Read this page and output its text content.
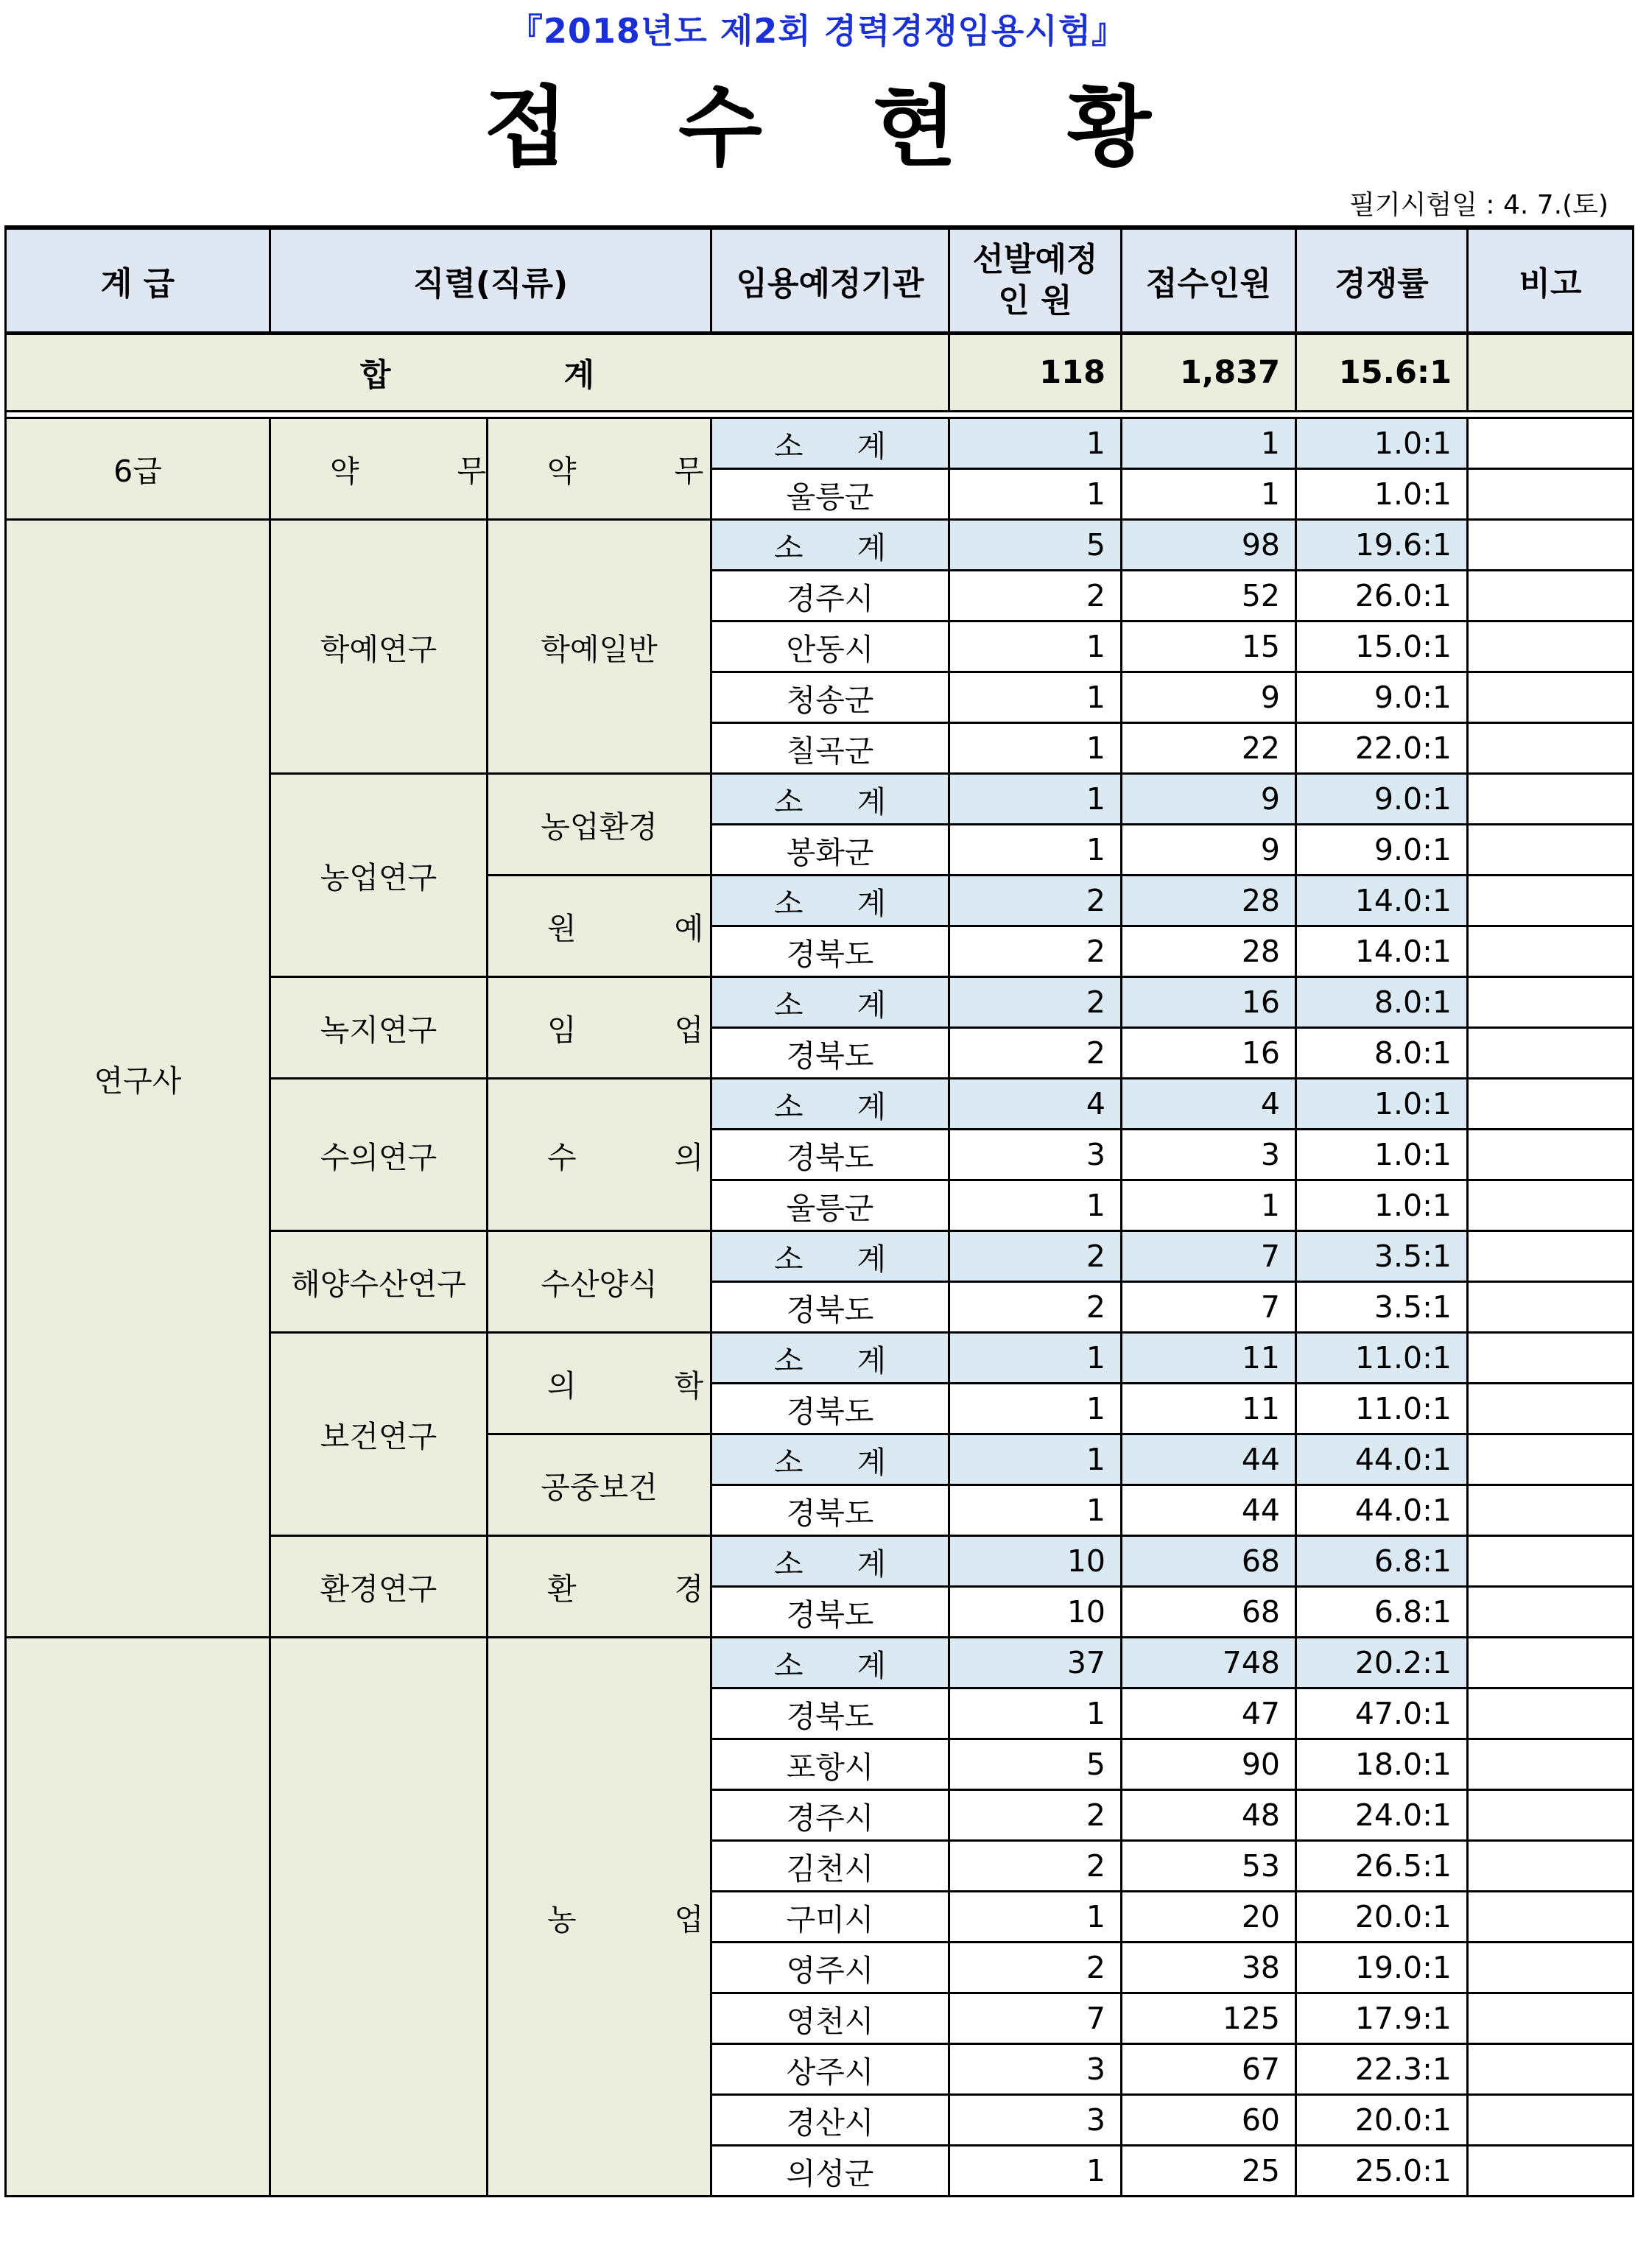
『2018년도 제2회 경력경쟁임용시험』
접수현황
필기시험일 : 4. 7.(토)
계 급	직렬(직류)		임용예정기관	선발예정
인 원	접수인원	경쟁률	비고
합 계				118	1,837	15.6:1	

6급	약 무	약 무	소 계	1	1	1.0:1	
			울릉군	1	1	1.0:1	
연구사	학예연구	학예일반	소 계	5	98	19.6:1	
			경주시	2	52	26.0:1	
			안동시	1	15	15.0:1	
			청송군	1	9	9.0:1	
			칠곡군	1	22	22.0:1	
	농업연구	농업환경	소 계	1	9	9.0:1	
			봉화군	1	9	9.0:1	
		원 예	소 계	2	28	14.0:1	
			경북도	2	28	14.0:1	
	녹지연구	임 업	소 계	2	16	8.0:1	
			경북도	2	16	8.0:1	
	수의연구	수 의	소 계	4	4	1.0:1	
			경북도	3	3	1.0:1	
			울릉군	1	1	1.0:1	
	해양수산연구	수산양식	소 계	2	7	3.5:1	
			경북도	2	7	3.5:1	
	보건연구	의 학	소 계	1	11	11.0:1	
			경북도	1	11	11.0:1	
		공중보건	소 계	1	44	44.0:1	
			경북도	1	44	44.0:1	
	환경연구	환 경	소 계	10	68	6.8:1	
			경북도	10	68	6.8:1	
		농 업	소 계	37	748	20.2:1	
			경북도	1	47	47.0:1	
			포항시	5	90	18.0:1	
			경주시	2	48	24.0:1	
			김천시	2	53	26.5:1	
			구미시	1	20	20.0:1	
			영주시	2	38	19.0:1	
			영천시	7	125	17.9:1	
			상주시	3	67	22.3:1	
			경산시	3	60	20.0:1	
			의성군	1	25	25.0:1	
